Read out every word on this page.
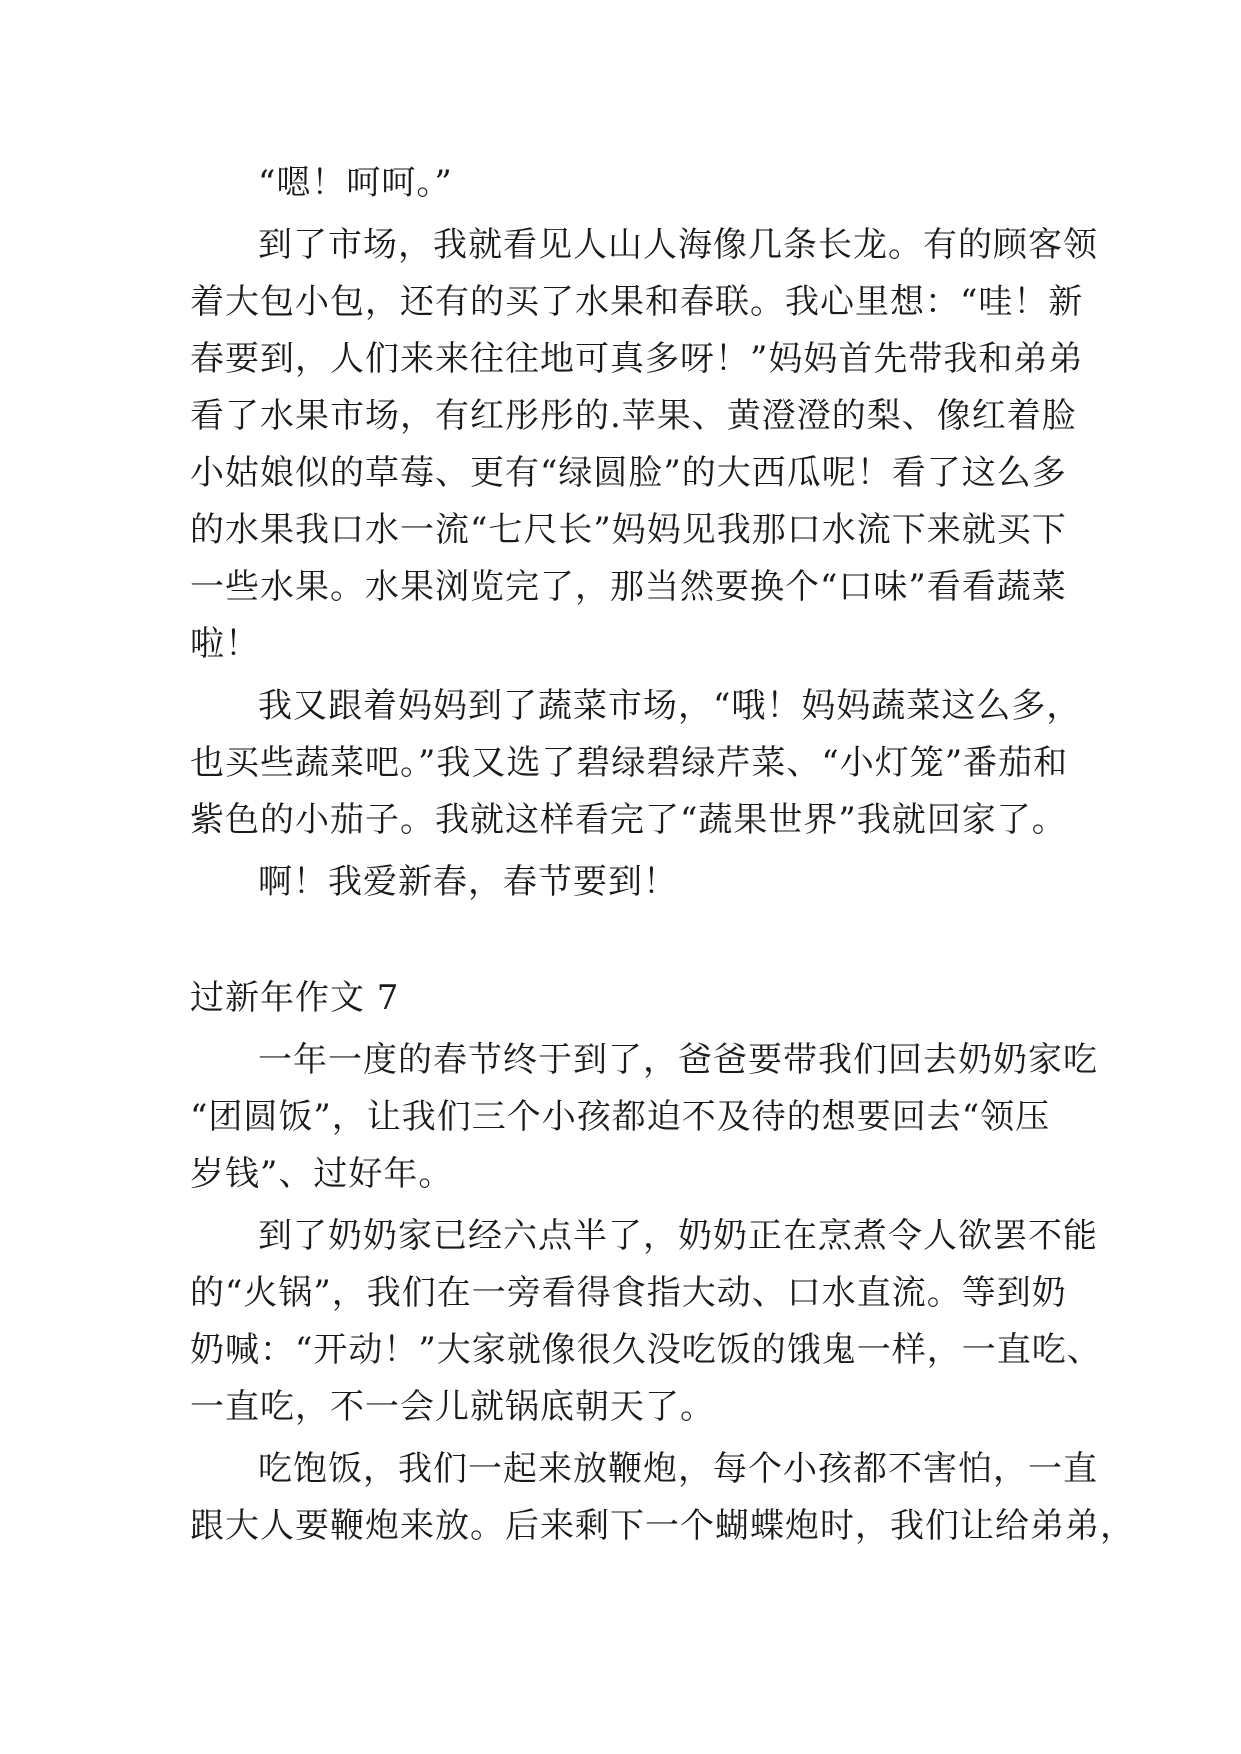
“嗯！呵呵。”
到了市场，我就看见人山人海像几条长龙。有的顾客领
着大包小包，还有的买了水果和春联。我心里想：“哇！新
春要到，人们来来往往地可真多呀！”妈妈首先带我和弟弟
看了水果市场，有红彤彤的.苹果、黄澄澄的梨、像红着脸
小姑娘似的草莓、更有“绿圆脸”的大西瓜呢！看了这么多
的水果我口水一流“七尺长”妈妈见我那口水流下来就买下
一些水果。水果浏览完了，那当然要换个“口味”看看蔬菜
啦！
我又跟着妈妈到了蔬菜市场，“哦！妈妈蔬菜这么多，
也买些蔬菜吧。”我又选了碧绿碧绿芹菜、“小灯笼”番茄和
紫色的小茄子。我就这样看完了“蔬果世界”我就回家了。
啊！我爱新春，春节要到！
过新年作文 7
一年一度的春节终于到了，爸爸要带我们回去奶奶家吃
“团圆饭”，让我们三个小孩都迫不及待的想要回去“领压
岁钱”、过好年。
到了奶奶家已经六点半了，奶奶正在烹煮令人欲罢不能
的“火锅”，我们在一旁看得食指大动、口水直流。等到奶
奶喊：“开动！”大家就像很久没吃饭的饿鬼一样，一直吃、
一直吃，不一会儿就锅底朝天了。
吃饱饭，我们一起来放鞭炮，每个小孩都不害怕，一直
跟大人要鞭炮来放。后来剩下一个蝴蝶炮时，我们让给弟弟，
